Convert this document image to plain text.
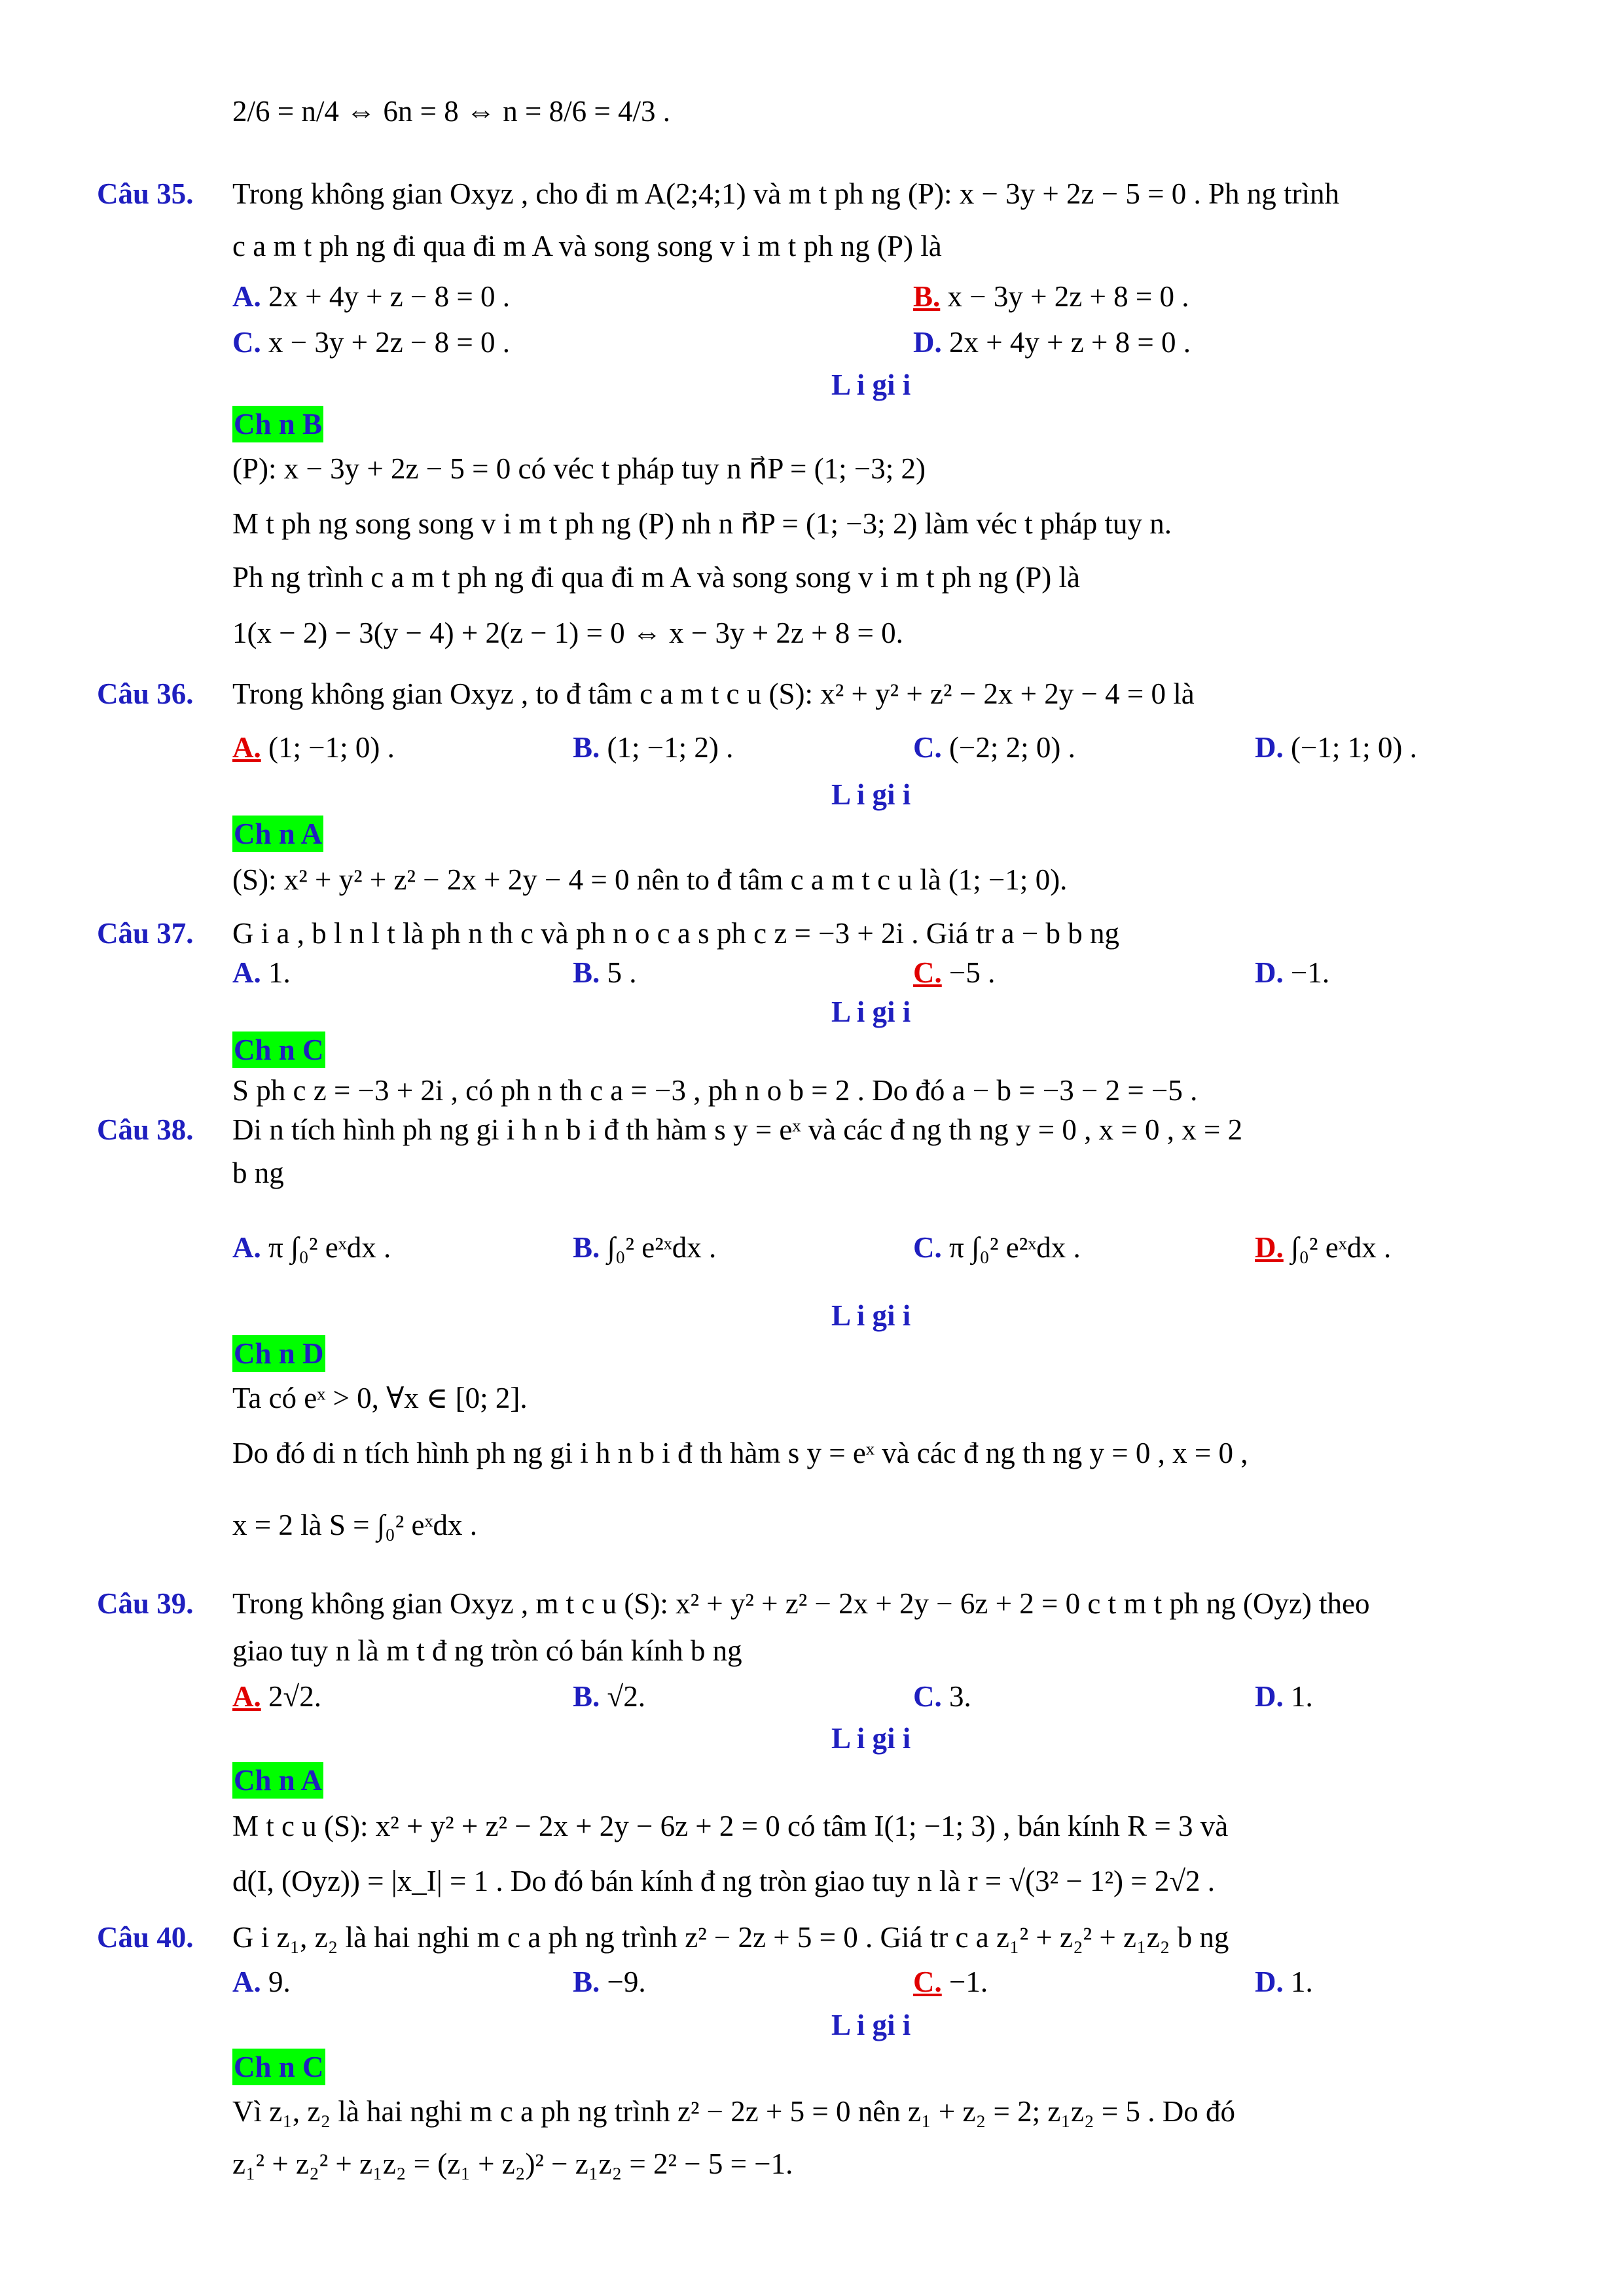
2/6 = n/4 ⇔ 6n = 8 ⇔ n = 8/6 = 4/3 .
Câu 35. Trong không gian Oxyz , cho đi m A(2;4;1) và m t ph ng (P): x − 3y + 2z − 5 = 0 . Ph ng trình
c a m t ph ng đi qua đi m A và song song v i m t ph ng (P) là
A. 2x + 4y + z − 8 = 0 .	B. x − 3y + 2z + 8 = 0 .
C. x − 3y + 2z − 8 = 0 .	D. 2x + 4y + z + 8 = 0 .
L i gi i
Ch n B
(P): x − 3y + 2z − 5 = 0 có véc t pháp tuy n n⃗P = (1; −3; 2)
M t ph ng song song v i m t ph ng (P) nh n n⃗P = (1; −3; 2) làm véc t pháp tuy n.
Ph ng trình c a m t ph ng đi qua đi m A và song song v i m t ph ng (P) là
1(x − 2) − 3(y − 4) + 2(z − 1) = 0 ⇔ x − 3y + 2z + 8 = 0.
Câu 36. Trong không gian Oxyz , to đ tâm c a m t c u (S): x² + y² + z² − 2x + 2y − 4 = 0 là
A. (1; −1; 0) .	B. (1; −1; 2) .	C. (−2; 2; 0) .	D. (−1; 1; 0) .
L i gi i
Ch n A
(S): x² + y² + z² − 2x + 2y − 4 = 0 nên to đ tâm c a m t c u là (1; −1; 0).
Câu 37. G i a , b l n l t là ph n th c và ph n o c a s ph c z = −3 + 2i . Giá tr a − b b ng
A. 1.	B. 5 .	C. −5 .	D. −1.
L i gi i
Ch n C
S ph c z = −3 + 2i , có ph n th c a = −3 , ph n o b = 2 . Do đó a − b = −3 − 2 = −5 .
Câu 38. Di n tích hình ph ng gi i h n b i đ th hàm s y = eˣ và các đ ng th ng y = 0 , x = 0 , x = 2
b ng
A. π ∫₀² eˣdx .	B. ∫₀² e²ˣdx .	C. π ∫₀² e²ˣdx .	D. ∫₀² eˣdx .
L i gi i
Ch n D
Ta có eˣ > 0, ∀x ∈ [0; 2].
Do đó di n tích hình ph ng gi i h n b i đ th hàm s y = eˣ và các đ ng th ng y = 0 , x = 0 ,
x = 2 là S = ∫₀² eˣdx .
Câu 39. Trong không gian Oxyz , m t c u (S): x² + y² + z² − 2x + 2y − 6z + 2 = 0 c t m t ph ng (Oyz) theo
giao tuy n là m t đ ng tròn có bán kính b ng
A. 2√2.	B. √2.	C. 3.	D. 1.
L i gi i
Ch n A
M t c u (S): x² + y² + z² − 2x + 2y − 6z + 2 = 0 có tâm I(1; −1; 3) , bán kính R = 3 và
d(I, (Oyz)) = |x_I| = 1 . Do đó bán kính đ ng tròn giao tuy n là r = √(3² − 1²) = 2√2 .
Câu 40. G i z₁, z₂ là hai nghi m c a ph ng trình z² − 2z + 5 = 0 . Giá tr c a z₁² + z₂² + z₁z₂ b ng
A. 9.	B. −9.	C. −1.	D. 1.
L i gi i
Ch n C
Vì z₁, z₂ là hai nghi m c a ph ng trình z² − 2z + 5 = 0 nên z₁ + z₂ = 2; z₁z₂ = 5 . Do đó
z₁² + z₂² + z₁z₂ = (z₁ + z₂)² − z₁z₂ = 2² − 5 = −1.
